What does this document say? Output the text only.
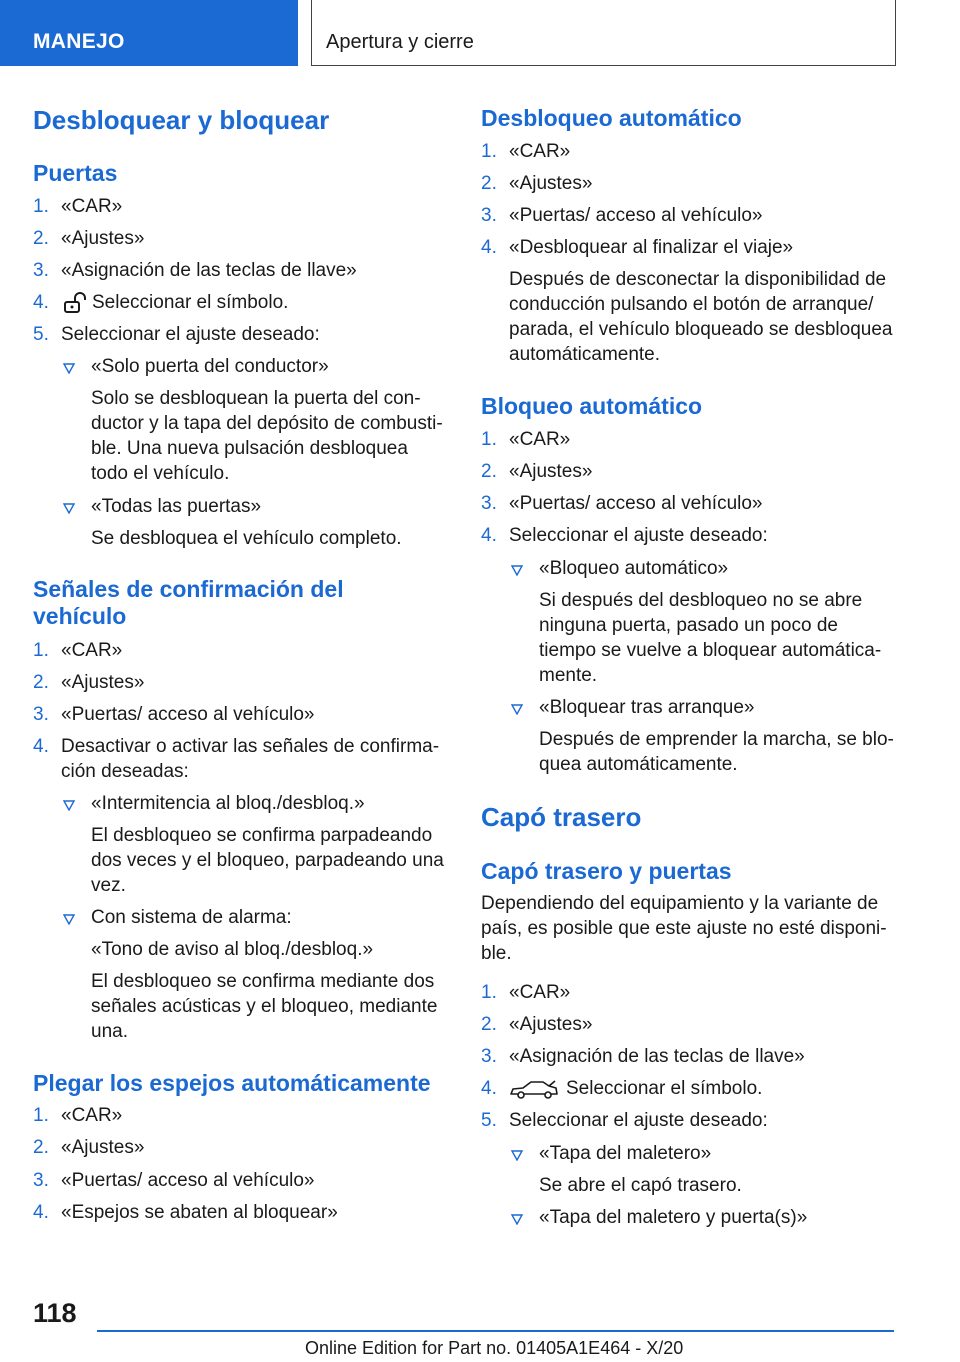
MANEJO	Apertura y cierre
Desbloquear y bloquear
Puertas
1. «CAR»
2. «Ajustes»
3. «Asignación de las teclas de llave»
4. Seleccionar el símbolo.
5. Seleccionar el ajuste deseado:
«Solo puerta del conductor»
Solo se desbloquean la puerta del con-
ductor y la tapa del depósito de combusti-
ble. Una nueva pulsación desbloquea
todo el vehículo.
«Todas las puertas»
Se desbloquea el vehículo completo.
Señales de confirmación del
vehículo
1. «CAR»
2. «Ajustes»
3. «Puertas/ acceso al vehículo»
4. Desactivar o activar las señales de confirma-
ción deseadas:
«Intermitencia al bloq./desbloq.»
El desbloqueo se confirma parpadeando
dos veces y el bloqueo, parpadeando una
vez.
Con sistema de alarma:
«Tono de aviso al bloq./desbloq.»
El desbloqueo se confirma mediante dos
señales acústicas y el bloqueo, mediante
una.
Plegar los espejos automáticamente
1. «CAR»
2. «Ajustes»
3. «Puertas/ acceso al vehículo»
4. «Espejos se abaten al bloquear»
Desbloqueo automático
1. «CAR»
2. «Ajustes»
3. «Puertas/ acceso al vehículo»
4. «Desbloquear al finalizar el viaje»
Después de desconectar la disponibilidad de
conducción pulsando el botón de arranque/
parada, el vehículo bloqueado se desbloquea
automáticamente.
Bloqueo automático
1. «CAR»
2. «Ajustes»
3. «Puertas/ acceso al vehículo»
4. Seleccionar el ajuste deseado:
«Bloqueo automático»
Si después del desbloqueo no se abre
ninguna puerta, pasado un poco de
tiempo se vuelve a bloquear automática-
mente.
«Bloquear tras arranque»
Después de emprender la marcha, se blo-
quea automáticamente.
Capó trasero
Capó trasero y puertas
Dependiendo del equipamiento y la variante de
país, es posible que este ajuste no esté disponi-
ble.
1. «CAR»
2. «Ajustes»
3. «Asignación de las teclas de llave»
4.	Seleccionar el símbolo.
5. Seleccionar el ajuste deseado:
«Tapa del maletero»
Se abre el capó trasero.
«Tapa del maletero y puerta(s)»
118
Online Edition for Part no. 01405A1E464 - X/20
